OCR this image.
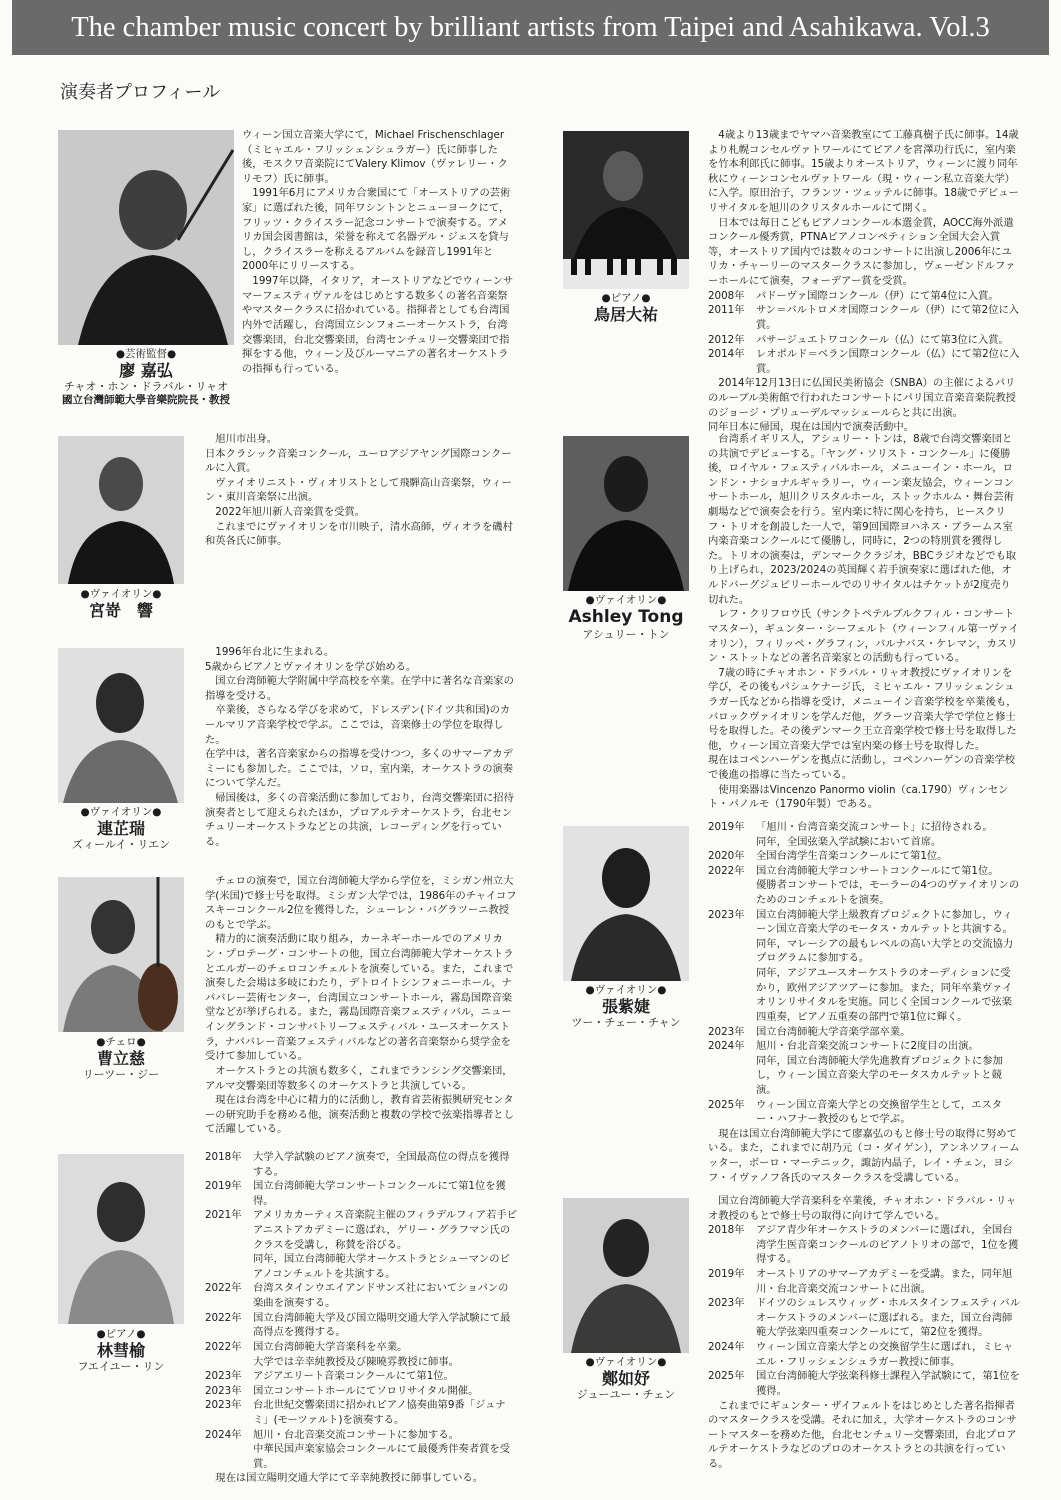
The chamber music concert by brilliant artists from Taipei and Asahikawa. Vol.3
演奏者プロフィール
●芸術監督●
廖 嘉弘
チャオ・ホン・ドラバル・リャオ
國立台灣師範大學音樂院院長・教授

ウィーン国立音楽大学にて，Michael Frischenschlager（ミヒャエル・フリッシェンシュラガー）氏に師事した後，モスクワ音楽院にてValery Klimov（ヴァレリー・クリモフ）氏に師事。

1991年6月にアメリカ合衆国にて「オーストリアの芸術家」に選ばれた後，同年ワシントンとニューヨークにて，フリッツ・クライスラー記念コンサートで演奏する。アメリカ国会図書館は，栄誉を称えて名器デル・ジェスを貸与し，クライスラーを称えるアルバムを録音し1991年と2000年にリリースする。

1997年以降，イタリア，オーストリアなどでウィーンサマーフェスティヴァルをはじめとする数多くの著名音楽祭やマスタークラスに招かれている。指揮者としても台湾国内外で活躍し，台湾国立シンフォニーオーケストラ，台湾交響楽団，台北交響楽団，台湾センチュリー交響楽団で指揮をする他，ウィーン及びルーマニアの著名オーケストラの指揮も行っている。

●ヴァイオリン●
宮嵜　響

旭川市出身。

日本クラシック音楽コンクール，ユーロアジアヤング国際コンクールに入賞。

ヴァイオリニスト・ヴィオリストとして飛騨高山音楽祭，ウィーン・東川音楽祭に出演。

2022年旭川新人音楽賞を受賞。

これまでにヴァイオリンを市川映子，清水高師，ヴィオラを磯村和英各氏に師事。

●ヴァイオリン●
連芷瑞
ズィールイ・リエン

1996年台北に生まれる。

5歳からピアノとヴァイオリンを学び始める。

国立台湾師範大学附属中学高校を卒業。在学中に著名な音楽家の指導を受ける。

卒業後，さらなる学びを求めて，ドレスデン(ドイツ共和国)のカールマリア音楽学校で学ぶ。ここでは，音楽修士の学位を取得した。

在学中は，著名音楽家からの指導を受けつつ，多くのサマーアカデミーにも参加した。ここでは，ソロ，室内楽，オーケストラの演奏について学んだ。

帰国後は，多くの音楽活動に参加しており，台湾交響楽団に招待演奏者として迎えられたほか，プロアルテオーケストラ，台北センチュリーオーケストラなどとの共演，レコーディングを行っている。

●チェロ●
曹立慈
リーツー・ジー

チェロの演奏で，国立台湾師範大学から学位を，ミシガン州立大学(米国)で修士号を取得。ミシガン大学では，1986年のチャイコフスキーコンクール2位を獲得した，シューレン・バグラツーニ教授のもとで学ぶ。

精力的に演奏活動に取り組み，カーネギーホールでのアメリカン・プロテーグ・コンサートの他，国立台湾師範大学オーケストラとエルガーのチェロコンチェルトを演奏している。また，これまで演奏した会場は多岐にわたり，デトロイトシンフォニーホール，ナパバレー芸術センター，台湾国立コンサートホール，霧島国際音楽堂などが挙げられる。また，霧島国際音楽フェスティバル，ニューイングランド・コンサバトリーフェスティバル・ユースオーケストラ，ナパバレー音楽フェスティバルなどの著名音楽祭から奨学金を受けて参加している。

オーケストラとの共演も数多く，これまでランシング交響楽団，アルマ交響楽団等数多くのオーケストラと共演している。

現在は台湾を中心に精力的に活動し，教育省芸術振興研究センターの研究助手を務める他，演奏活動と複数の学校で弦楽指導者として活躍している。

●ピアノ●
林彗榆
フエイユー・リン
2018年	大学入学試験のピアノ演奏で，全国最高位の得点を獲得する。
2019年	国立台湾師範大学コンサートコンクールにて第1位を獲得。
2021年	アメリカカーティス音楽院主催のフィラデルフィア若手ピアニストアカデミーに選ばれ，ゲリー・グラフマン氏のクラスを受講し，称賛を浴びる。
	同年，国立台湾師範大学オーケストラとシューマンのピアノコンチェルトを共演する。
2022年	台湾スタインウエイアンドサンズ社においてショパンの楽曲を演奏する。
2022年	国立台湾師範大学及び国立陽明交通大学入学試験にて最高得点を獲得する。
2022年	国立台湾師範大学音楽科を卒業。
	大学では辛幸純教授及び陳曉雰教授に師事。
2023年	アジアエリート音楽コンクールにて第1位。
2023年	国立コンサートホールにてソロリサイタル開催。
2023年	台北世紀交響楽団に招かれピアノ協奏曲第9番「ジュナミ」(モーツァルト)を演奏する。
2024年	旭川・台北音楽交流コンサートに参加する。
	中華民国声楽家協会コンクールにて最優秀伴奏者賞を受賞。
現在は国立陽明交通大学にて辛幸純教授に師事している。
●ピアノ●
鳥居大祐

4歳より13歳までヤマハ音楽教室にて工藤真樹子氏に師事。14歳より札幌コンセルヴァトワールにてピアノを宮澤功行氏に，室内楽を竹本利郎氏に師事。15歳よりオーストリア，ウィーンに渡り同年秋にウィーンコンセルヴァトワール（現・ウィーン私立音楽大学）に入学。原田治子，フランツ・ツェッテルに師事。18歳でデビューリサイタルを旭川のクリスタルホールにて開く。

日本では毎日こどもピアノコンクール本選金賞，AOCC海外派遣コンクール優秀賞，PTNAピアノコンペティション全国大会入賞等，オーストリア国内では数々のコンサートに出演し2006年にユリカ・チャーリーのマスタークラスに参加し，ヴェーゼンドルファーホールにて演奏，フォーデアー賞を受賞。

2008年	パドーヴァ国際コンクール（伊）にて第4位に入賞。
2011年	サン＝バルトロメオ国際コンクール（伊）にて第2位に入賞。
2012年	パサージュエトワコンクール（仏）にて第3位に入賞。
2014年	レオポルド＝ベラン国際コンクール（仏）にて第2位に入賞。

2014年12月13日に仏国民美術協会（SNBA）の主催によるパリのルーブル美術館で行われたコンサートにパリ国立音楽音楽院教授のジョージ・プリューデルマッシェールらと共に出演。

同年日本に帰国，現在は国内で演奏活動中。

●ヴァイオリン●
Ashley Tong
アシュリー・トン

台湾系イギリス人，アシュリー・トンは，8歳で台湾交響楽団との共演でデビューする。「ヤング・ソリスト・コンクール」に優勝後，ロイヤル・フェスティバルホール，メニューイン・ホール，ロンドン・ナショナルギャラリー，ウィーン楽友協会，ウィーンコンサートホール，旭川クリスタルホール，ストックホルム・舞台芸術劇場などで演奏会を行う。室内楽に特に関心を持ち，ヒースクリフ・トリオを創設した一人で，第9回国際ヨハネス・ブラームス室内楽音楽コンクールにて優勝し，同時に，2つの特別賞を獲得した。トリオの演奏は，デンマーククラジオ，BBCラジオなどでも取り上げられ，2023/2024の英国輝く若手演奏家に選ばれた他，オルドバーグジュビリーホールでのリサイタルはチケットが2度売り切れた。

レフ・クリフロウ氏（サンクトペテルブルクフィル・コンサートマスター），ギュンター・シーフェルト（ウィーンフィル第一ヴァイオリン），フィリッペ・グラフィン，バルナバス・ケレマン，カスリン・ストットなどの著名音楽家との活動も行っている。

7歳の時にチャオホン・ドラバル・リャオ教授にヴァイオリンを学び，その後もパシュケナージ氏，ミヒャエル・フリッシェンシュラガー氏などから指導を受け，メニューイン音楽学校を卒業後も，バロックヴァイオリンを学んだ他，グラーツ音楽大学で学位と修士号を取得した。その後デンマーク王立音楽学校で修士号を取得した他，ウィーン国立音楽大学では室内楽の修士号を取得した。

現在はコペンハーゲンを拠点に活動し，コペンハーゲンの音楽学校で後進の指導に当たっている。

使用楽器はVincenzo Panormo violin（ca.1790）ヴィンセント・パノルモ（1790年製）である。

●ヴァイオリン●
張紫婕
ツー・チェー・チャン
2019年	「旭川・台湾音楽交流コンサート」に招待される。
	同年，全国弦楽入学試験において首席。
2020年	全国台湾学生音楽コンクールにて第1位。
2022年	国立台湾師範大学コンサートコンクールにて第1位。
	優勝者コンサートでは，モーラーの4つのヴァイオリンのためのコンチェルトを演奏。
2023年	国立台湾師範大学上級教育プロジェクトに参加し，ウィーン国立音楽大学のモータス・カルテットと共演する。
	同年，マレーシアの最もレベルの高い大学との交流協力プログラムに参加する。
	同年，アジアユースオーケストラのオーディションに受かり，欧州アジアツアーに参加。また，同年卒業ヴァイオリンリサイタルを実施。同じく全国コンクールで弦楽四重奏，ピアノ五重奏の部門で第1位に輝く。
2023年	国立台湾師範大学音楽学部卒業。
2024年	旭川・台北音楽交流コンサートに2度目の出演。
	同年，国立台湾師範大学先進教育プロジェクトに参加し，ウィーン国立音楽大学のモータスカルテットと競演。
2025年	ウィーン国立音楽大学との交換留学生として，エスター・ハフナー教授のもとで学ぶ。
現在は国立台湾師範大学にて廖嘉弘のもと修士号の取得に努めている。また，これまでに胡乃元（コ・ダイゲン），アンネソフィームッター，ボーロ・マーテニック，諏訪内晶子，レイ・チェン，ヨシフ・イヴァノフ各氏のマスタークラスを受講している。
●ヴァイオリン●
鄭如妤
ジューユー・チェン

国立台湾師範大学音楽科を卒業後，チャオホン・ドラバル・リャオ教授のもとで修士号の取得に向けて学んでいる。

2018年	アジア青少年オーケストラのメンバーに選ばれ，全国台湾学生医音楽コンクールのピアノトリオの部で，1位を獲得する。
2019年	オーストリアのサマーアカデミーを受講。また，同年旭川・台北音楽交流コンサートに出演。
2023年	ドイツのシュレスウィッグ・ホルスタインフェスティバルオーケストラのメンバーに選ばれる。また，国立台湾師範大学弦楽四重奏コンクールにて，第2位を獲得。
2024年	ウィーン国立音楽大学との交換留学生に選ばれ，ミヒャエル・フリッシェンシュラガー教授に師事。
2025年	国立台湾師範大学弦楽科修士課程入学試験にて，第1位を獲得。
これまでにギュンター・ザイフェルトをはじめとした著名指揮者のマスタークラスを受講。それに加え，大学オーケストラのコンサートマスターを務めた他，台北センチュリー交響楽団，台北プロアルテオーケストラなどのプロのオーケストラとの共演を行っている。
